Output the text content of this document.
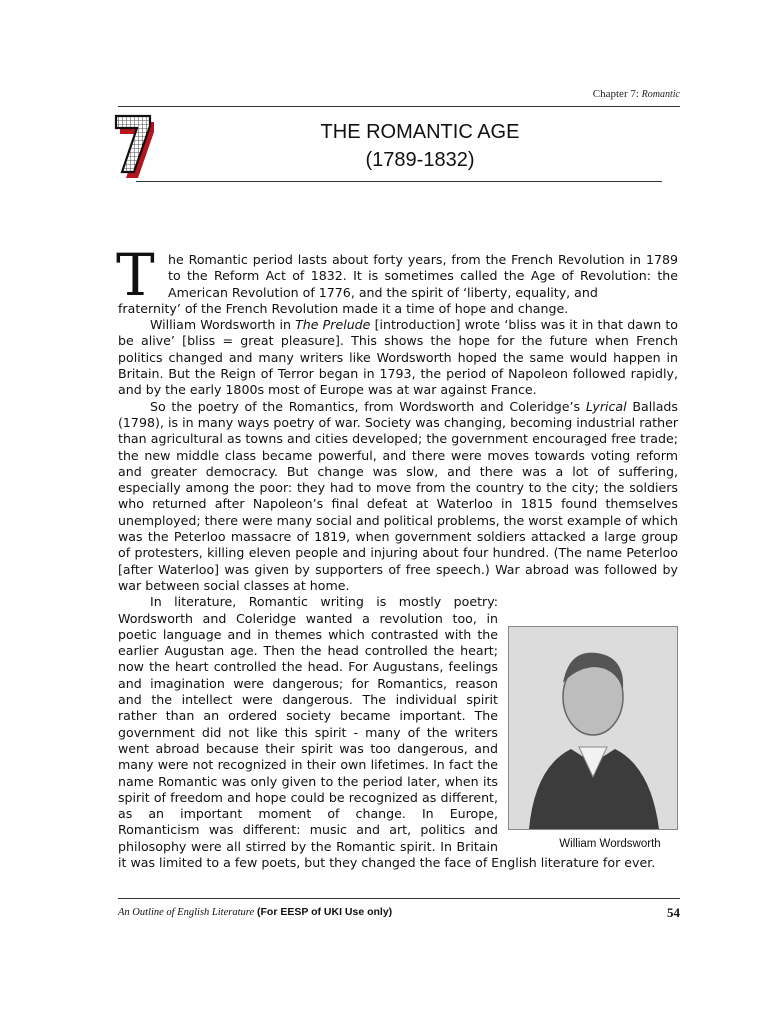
Chapter 7: Romantic
THE ROMANTIC AGE
(1789-1832)
T	he Romantic period lasts about forty years, from the French Revolution in 1789 to the Reform Act of 1832. It is sometimes called the Age of Revolution: the American Revolution of 1776, and the spirit of ‘liberty, equality, and
fraternity’ of the French Revolution made it a time of hope and change.

William Wordsworth in The Prelude [introduction] wrote ‘bliss was it in that dawn to be alive’ [bliss = great pleasure]. This shows the hope for the future when French politics changed and many writers like Wordsworth hoped the same would happen in Britain. But the Reign of Terror began in 1793, the period of Napoleon followed rapidly, and by the early 1800s most of Europe was at war against France.

So the poetry of the Romantics, from Wordsworth and Coleridge’s Lyrical Ballads (1798), is in many ways poetry of war. Society was changing, becoming industrial rather than agricultural as towns and cities developed; the government encouraged free trade; the new middle class became powerful, and there were moves towards voting reform and greater democracy. But change was slow, and there was a lot of suffering, especially among the poor: they had to move from the country to the city; the soldiers who returned after Napoleon’s final defeat at Waterloo in 1815 found themselves unemployed; there were many social and political problems, the worst example of which was the Peterloo massacre of 1819, when government soldiers attacked a large group of protesters, killing eleven people and injuring about four hundred. (The name Peterloo [after Waterloo] was given by supporters of free speech.) War abroad was followed by war between social classes at home.

William Wordsworth
In literature, Romantic writing is mostly poetry: Wordsworth and Coleridge wanted a revolution too, in poetic language and in themes which contrasted with the earlier Augustan age. Then the head controlled the heart; now the heart controlled the head. For Augustans, feelings and imagination were dangerous; for Romantics, reason and the intellect were dangerous. The individual spirit rather than an ordered society became important. The government did not like this spirit - many of the writers went abroad because their spirit was too dangerous, and many were not recognized in their own lifetimes. In fact the name Romantic was only given to the period later, when its spirit of freedom and hope could be recognized as different, as an important moment of change. In Europe, Romanticism was different: music and art, politics and philosophy were all stirred by the Romantic spirit. In Britain it was limited to a few poets, but they changed the face of English literature for ever.

An Outline of English Literature (For EESP of UKI Use only)	54
